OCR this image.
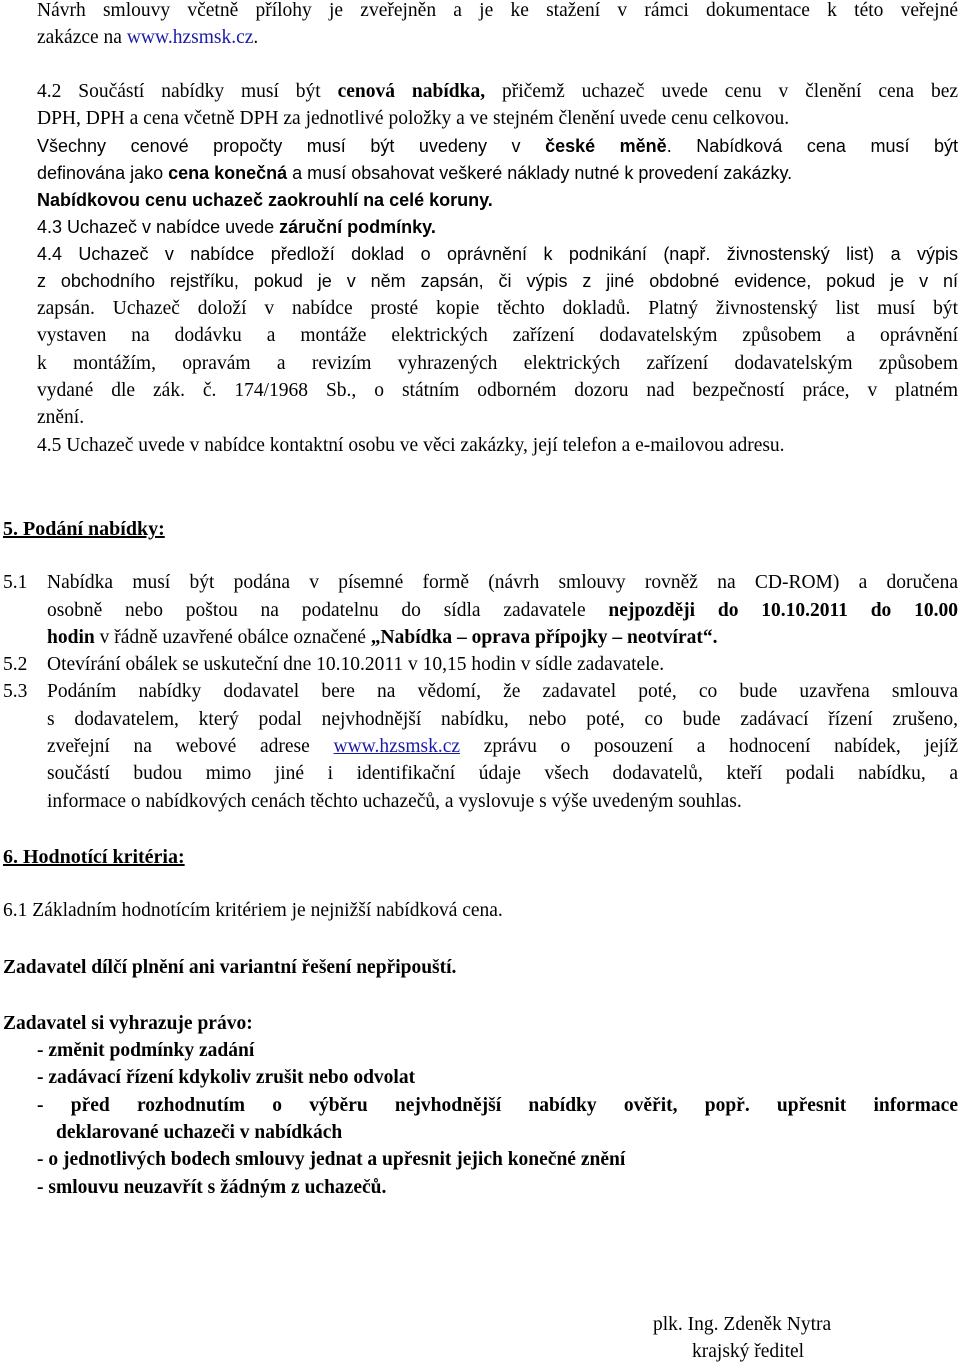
Návrh smlouvy včetně přílohy je zveřejněn a je ke stažení v rámci dokumentace k této veřejné
zakázce na www.hzsmsk.cz.
4.2 Součástí nabídky musí být cenová nabídka, přičemž uchazeč uvede cenu v členění cena bez
DPH, DPH a cena včetně DPH za jednotlivé položky a ve stejném členění uvede cenu celkovou.
Všechny cenové propočty musí být uvedeny v české měně. Nabídková cena musí být
definována jako cena konečná a musí obsahovat veškeré náklady nutné k provedení zakázky.
Nabídkovou cenu uchazeč zaokrouhlí na celé koruny.
4.3 Uchazeč v nabídce uvede záruční podmínky.
4.4 Uchazeč v nabídce předloží doklad o oprávnění k podnikání (např. živnostenský list) a výpis
z obchodního rejstříku, pokud je v něm zapsán, či výpis z jiné obdobné evidence, pokud je v ní
zapsán. Uchazeč doloží v nabídce prosté kopie těchto dokladů. Platný živnostenský list musí být
vystaven na dodávku a montáže elektrických zařízení dodavatelským způsobem a oprávnění
k montážím, opravám a revizím vyhrazených elektrických zařízení dodavatelským způsobem
vydané dle zák. č. 174/1968 Sb., o státním odborném dozoru nad bezpečností práce, v platném
znění.
4.5 Uchazeč uvede v nabídce kontaktní osobu ve věci zakázky, její telefon a e-mailovou adresu.
5. Podání nabídky:
5.1 Nabídka musí být podána v písemné formě (návrh smlouvy rovněž na CD-ROM) a doručena
osobně nebo poštou na podatelnu do sídla zadavatele nejpozději do 10.10.2011 do 10.00
hodin v řádně uzavřené obálce označené „Nabídka – oprava přípojky – neotvírat“.
5.2 Otevírání obálek se uskuteční dne 10.10.2011 v 10,15 hodin v sídle zadavatele.
5.3 Podáním nabídky dodavatel bere na vědomí, že zadavatel poté, co bude uzavřena smlouva
s dodavatelem, který podal nejvhodnější nabídku, nebo poté, co bude zadávací řízení zrušeno,
zveřejní na webové adrese www.hzsmsk.cz zprávu o posouzení a hodnocení nabídek, jejíž
součástí budou mimo jiné i identifikační údaje všech dodavatelů, kteří podali nabídku, a
informace o nabídkových cenách těchto uchazečů, a vyslovuje s výše uvedeným souhlas.
6. Hodnotící kritéria:
6.1 Základním hodnotícím kritériem je nejnižší nabídková cena.
Zadavatel dílčí plnění ani variantní řešení nepřipouští.
Zadavatel si vyhrazuje právo:
- změnit podmínky zadání
- zadávací řízení kdykoliv zrušit nebo odvolat
- před rozhodnutím o výběru nejvhodnější nabídky ověřit, popř. upřesnit informace
deklarované uchazeči v nabídkách
- o jednotlivých bodech smlouvy jednat a upřesnit jejich konečné znění
- smlouvu neuzavřít s žádným z uchazečů.
plk. Ing. Zdeněk Nytra
krajský ředitel
